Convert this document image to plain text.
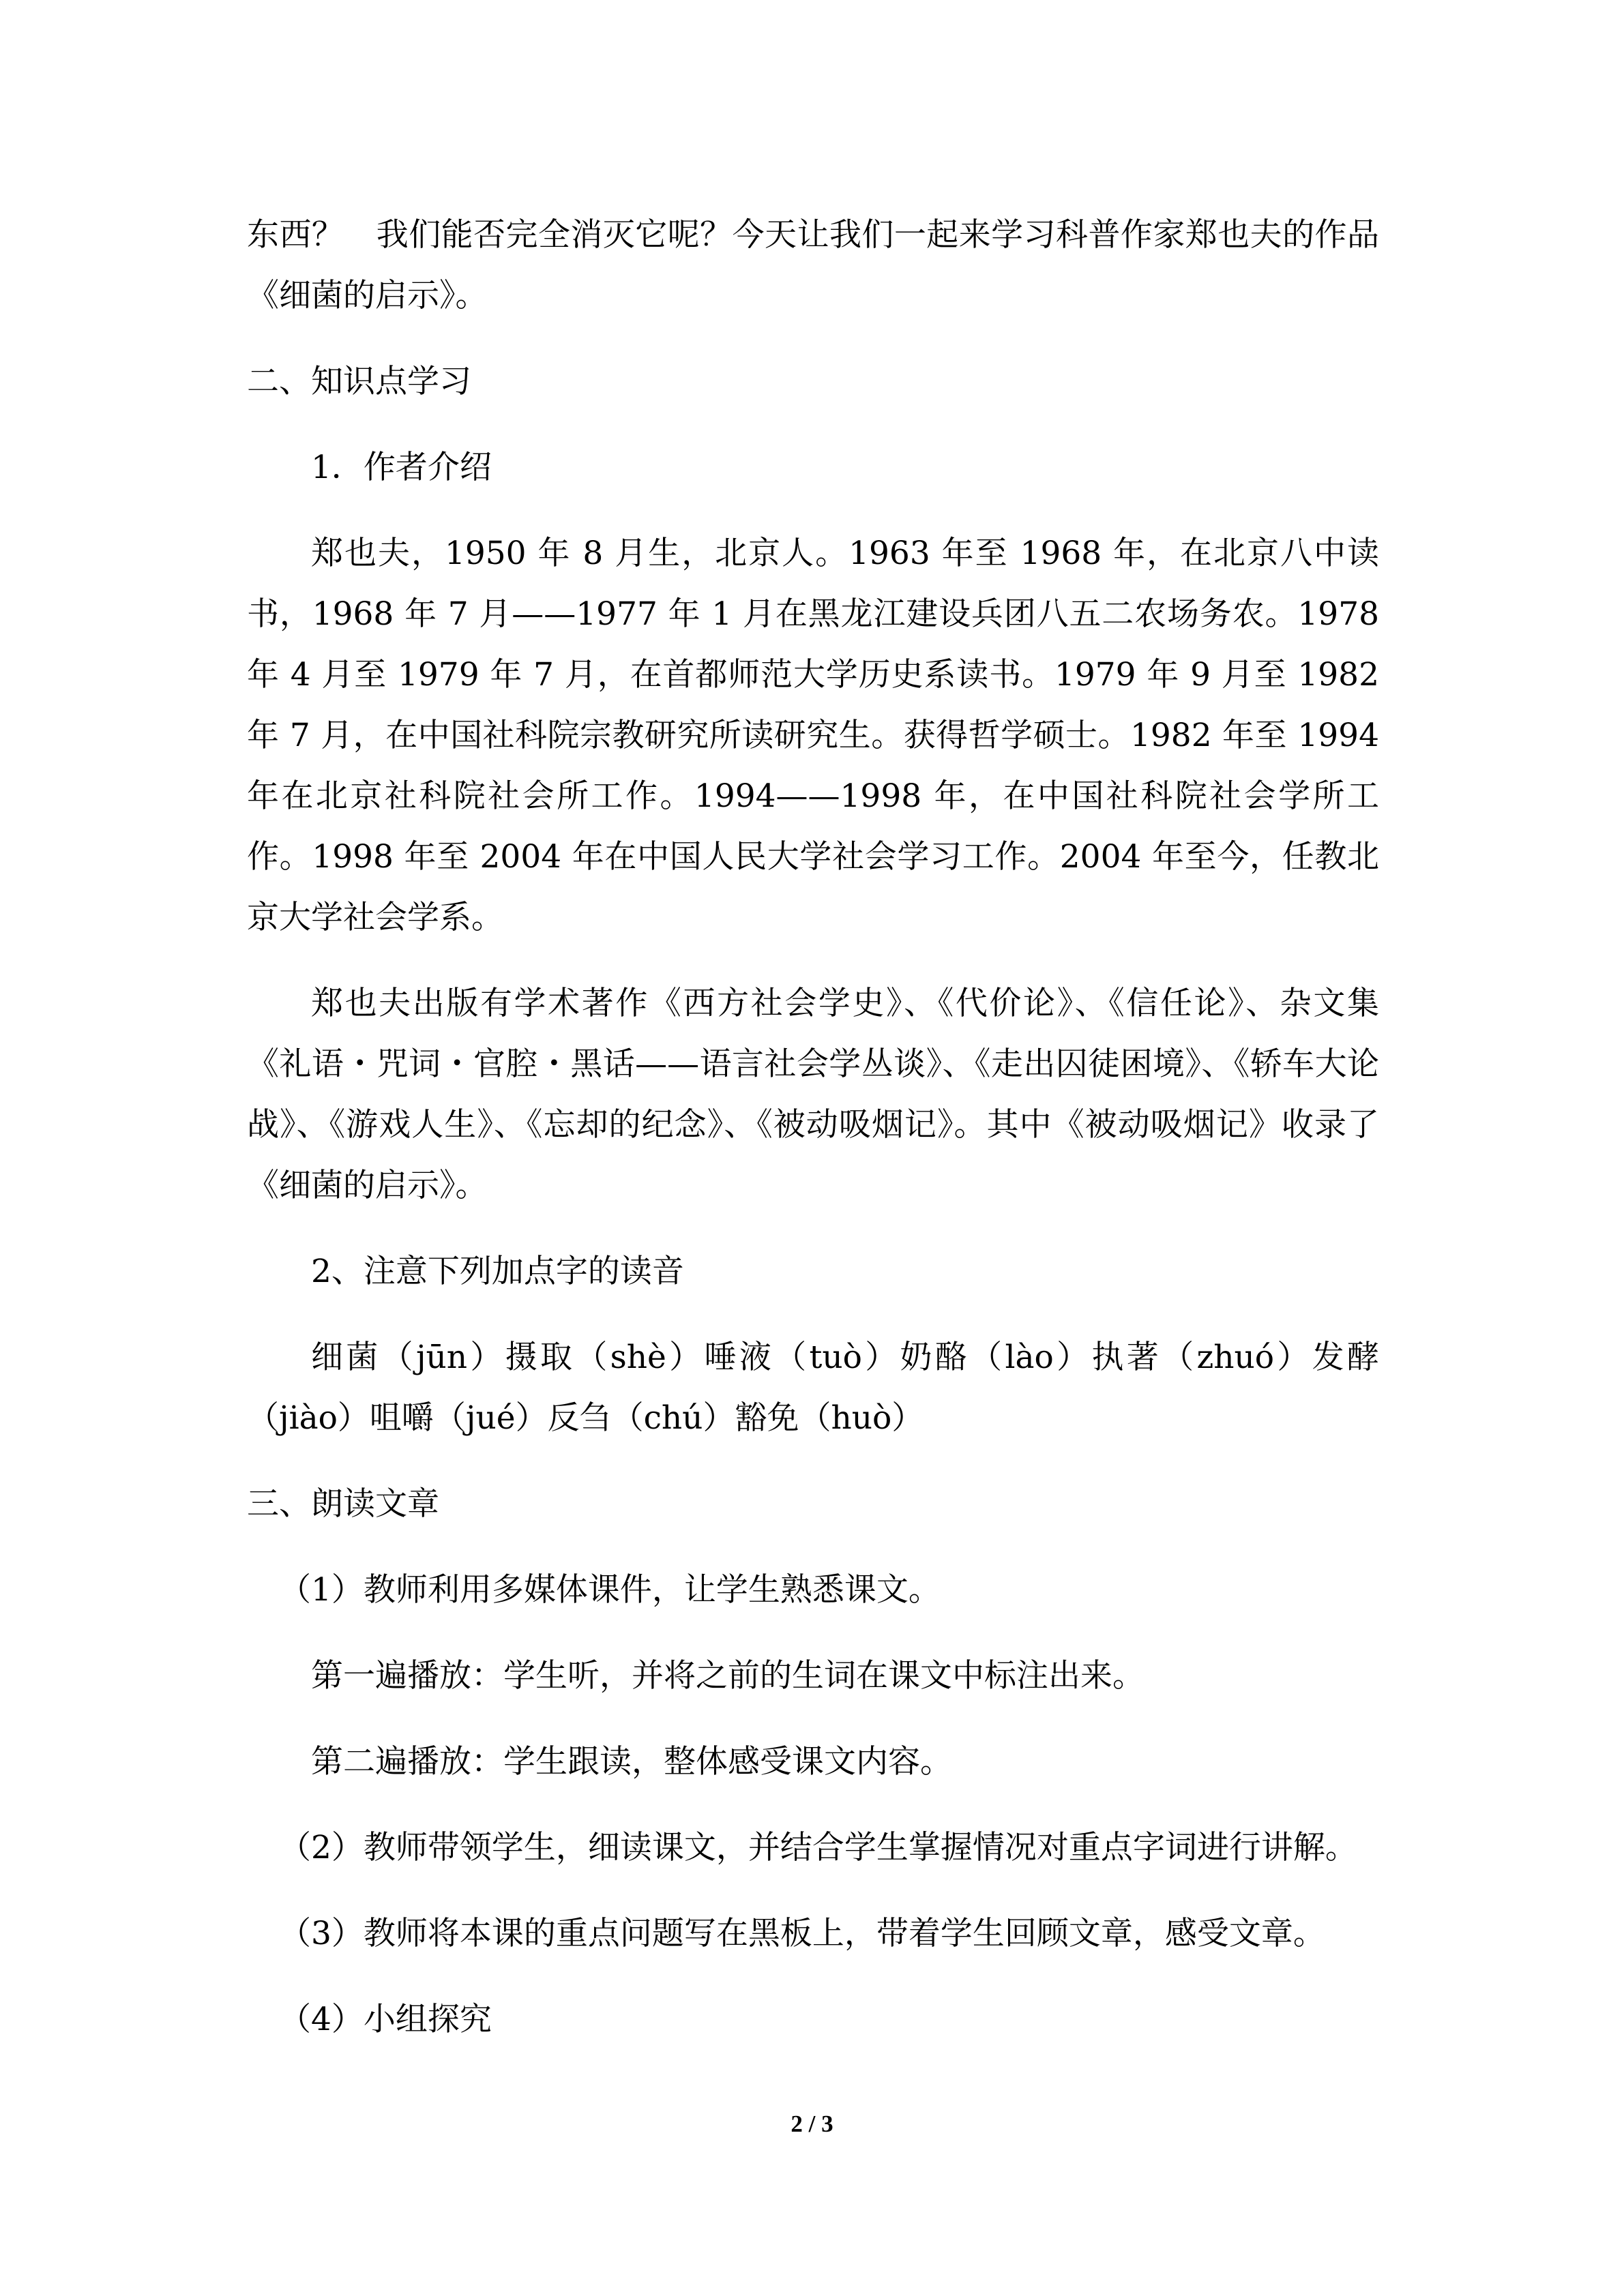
东西？　我们能否完全消灭它呢？今天让我们一起来学习科普作家郑也夫的作品《细菌的启示》。

二、知识点学习

1．作者介绍

郑也夫，1950 年 8 月生，北京人。1963 年至 1968 年，在北京八中读书，1968 年 7 月——1977 年 1 月在黑龙江建设兵团八五二农场务农。1978 年 4 月至 1979 年 7 月，在首都师范大学历史系读书。1979 年 9 月至 1982 年 7 月，在中国社科院宗教研究所读研究生。获得哲学硕士。1982 年至 1994 年在北京社科院社会所工作。1994——1998 年，在中国社科院社会学所工作。1998 年至 2004 年在中国人民大学社会学习工作。2004 年至今，任教北京大学社会学系。

郑也夫出版有学术著作《西方社会学史》、《代价论》、《信任论》、杂文集《礼语・咒词・官腔・黑话——语言社会学丛谈》、《走出囚徒困境》、《轿车大论战》、《游戏人生》、《忘却的纪念》、《被动吸烟记》。其中《被动吸烟记》收录了《细菌的启示》。

2、注意下列加点字的读音

细菌（jūn）摄取（shè）唾液（tuò）奶酪（lào）执著（zhuó）发酵（jiào）咀嚼（jué）反刍（chú）豁免（huò）

三、朗读文章

（1）教师利用多媒体课件，让学生熟悉课文。

第一遍播放：学生听，并将之前的生词在课文中标注出来。

第二遍播放：学生跟读，整体感受课文内容。

（2）教师带领学生，细读课文，并结合学生掌握情况对重点字词进行讲解。

（3）教师将本课的重点问题写在黑板上，带着学生回顾文章，感受文章。

（4）小组探究

2 / 3
